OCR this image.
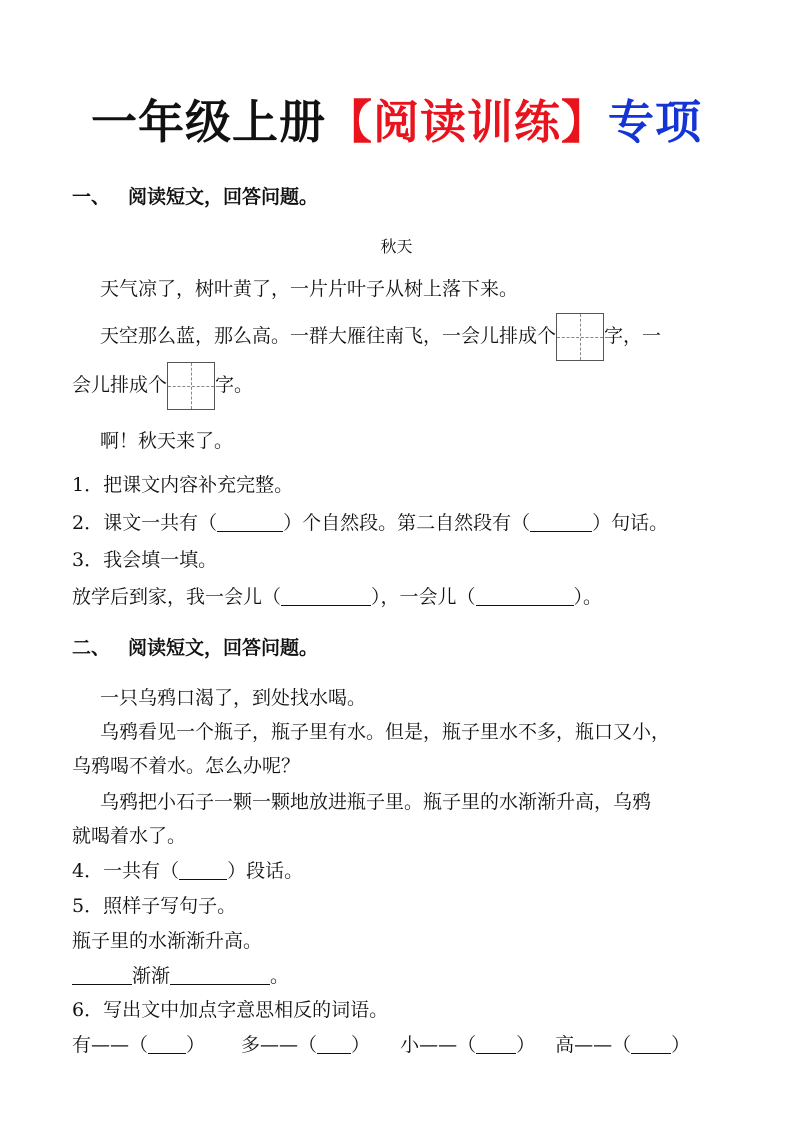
一年级上册【阅读训练】专项
一、 阅读短文，回答问题。
秋天
天气凉了，树叶黄了，一片片叶子从树上落下来。
天空那么蓝，那么高。一群大雁往南飞，一会儿排成个	字，一
会儿排成个	字。
啊！秋天来了。
1．把课文内容补充完整。
2．课文一共有（	）个自然段。第二自然段有（	）句话。
3．我会填一填。
放学后到家，我一会儿（	），一会儿（	）。
二、 阅读短文，回答问题。
一只乌鸦口渴了，到处找水喝。
乌鸦看见一个瓶子，瓶子里有水。但是，瓶子里水不多，瓶口又小，
乌鸦喝不着水。怎么办呢？
乌鸦把小石子一颗一颗地放进瓶子里。瓶子里的水渐渐升高，乌鸦
就喝着水了。
4．一共有（	）段话。
5．照样子写句子。
瓶子里的水渐渐升高。
渐渐	。
6．写出文中加点字意思相反的词语。
有——（ ） 多——（ ） 小——（ ） 高——（ ）
